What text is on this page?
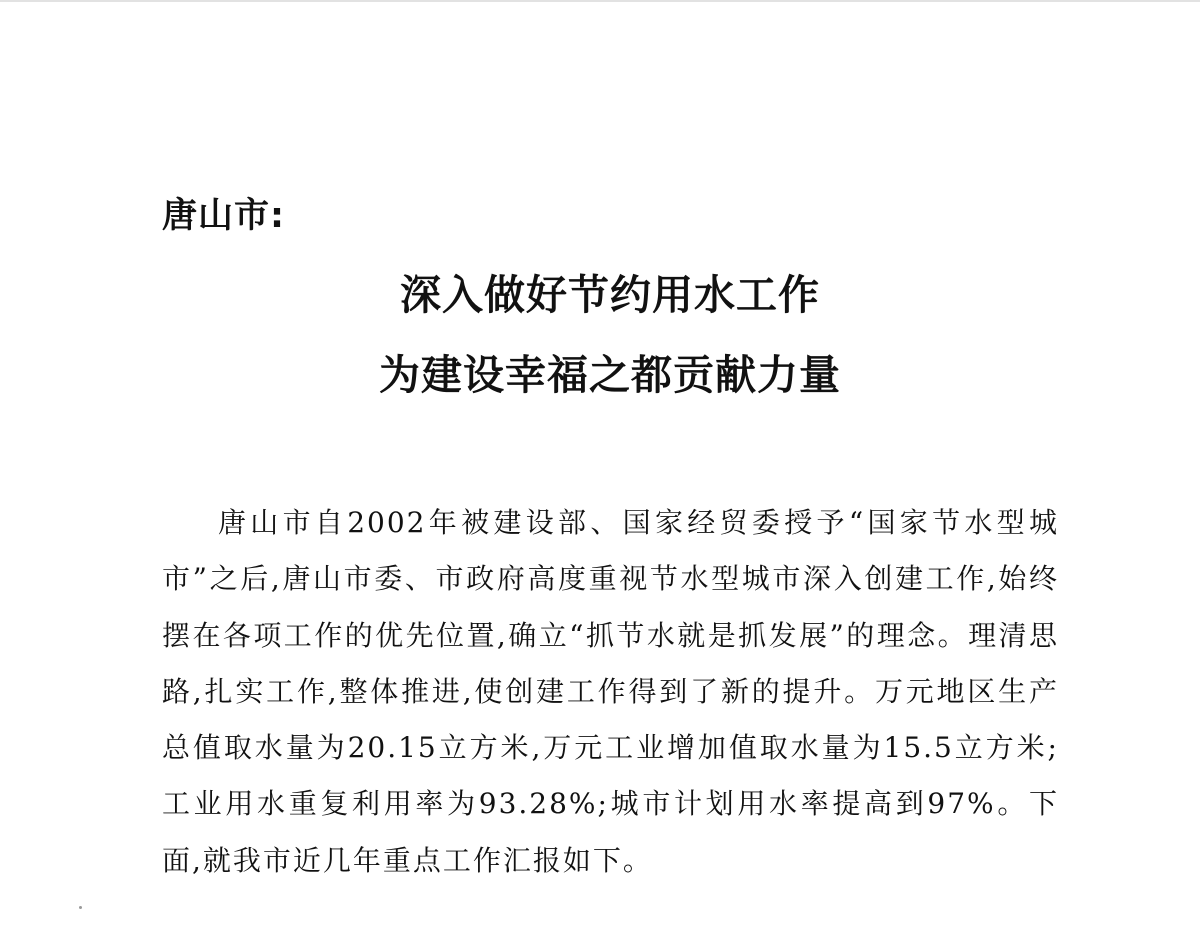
唐山市:
深入做好节约用水工作
为建设幸福之都贡献力量

唐山市自2002年被建设部、国家经贸委授予“国家节水型城市”之后,唐山市委、市政府高度重视节水型城市深入创建工作,始终摆在各项工作的优先位置,确立“抓节水就是抓发展”的理念。理清思路,扎实工作,整体推进,使创建工作得到了新的提升。万元地区生产总值取水量为20.15立方米,万元工业增加值取水量为15.5立方米;工业用水重复利用率为93.28%;城市计划用水率提高到97%。下面,就我市近几年重点工作汇报如下。
